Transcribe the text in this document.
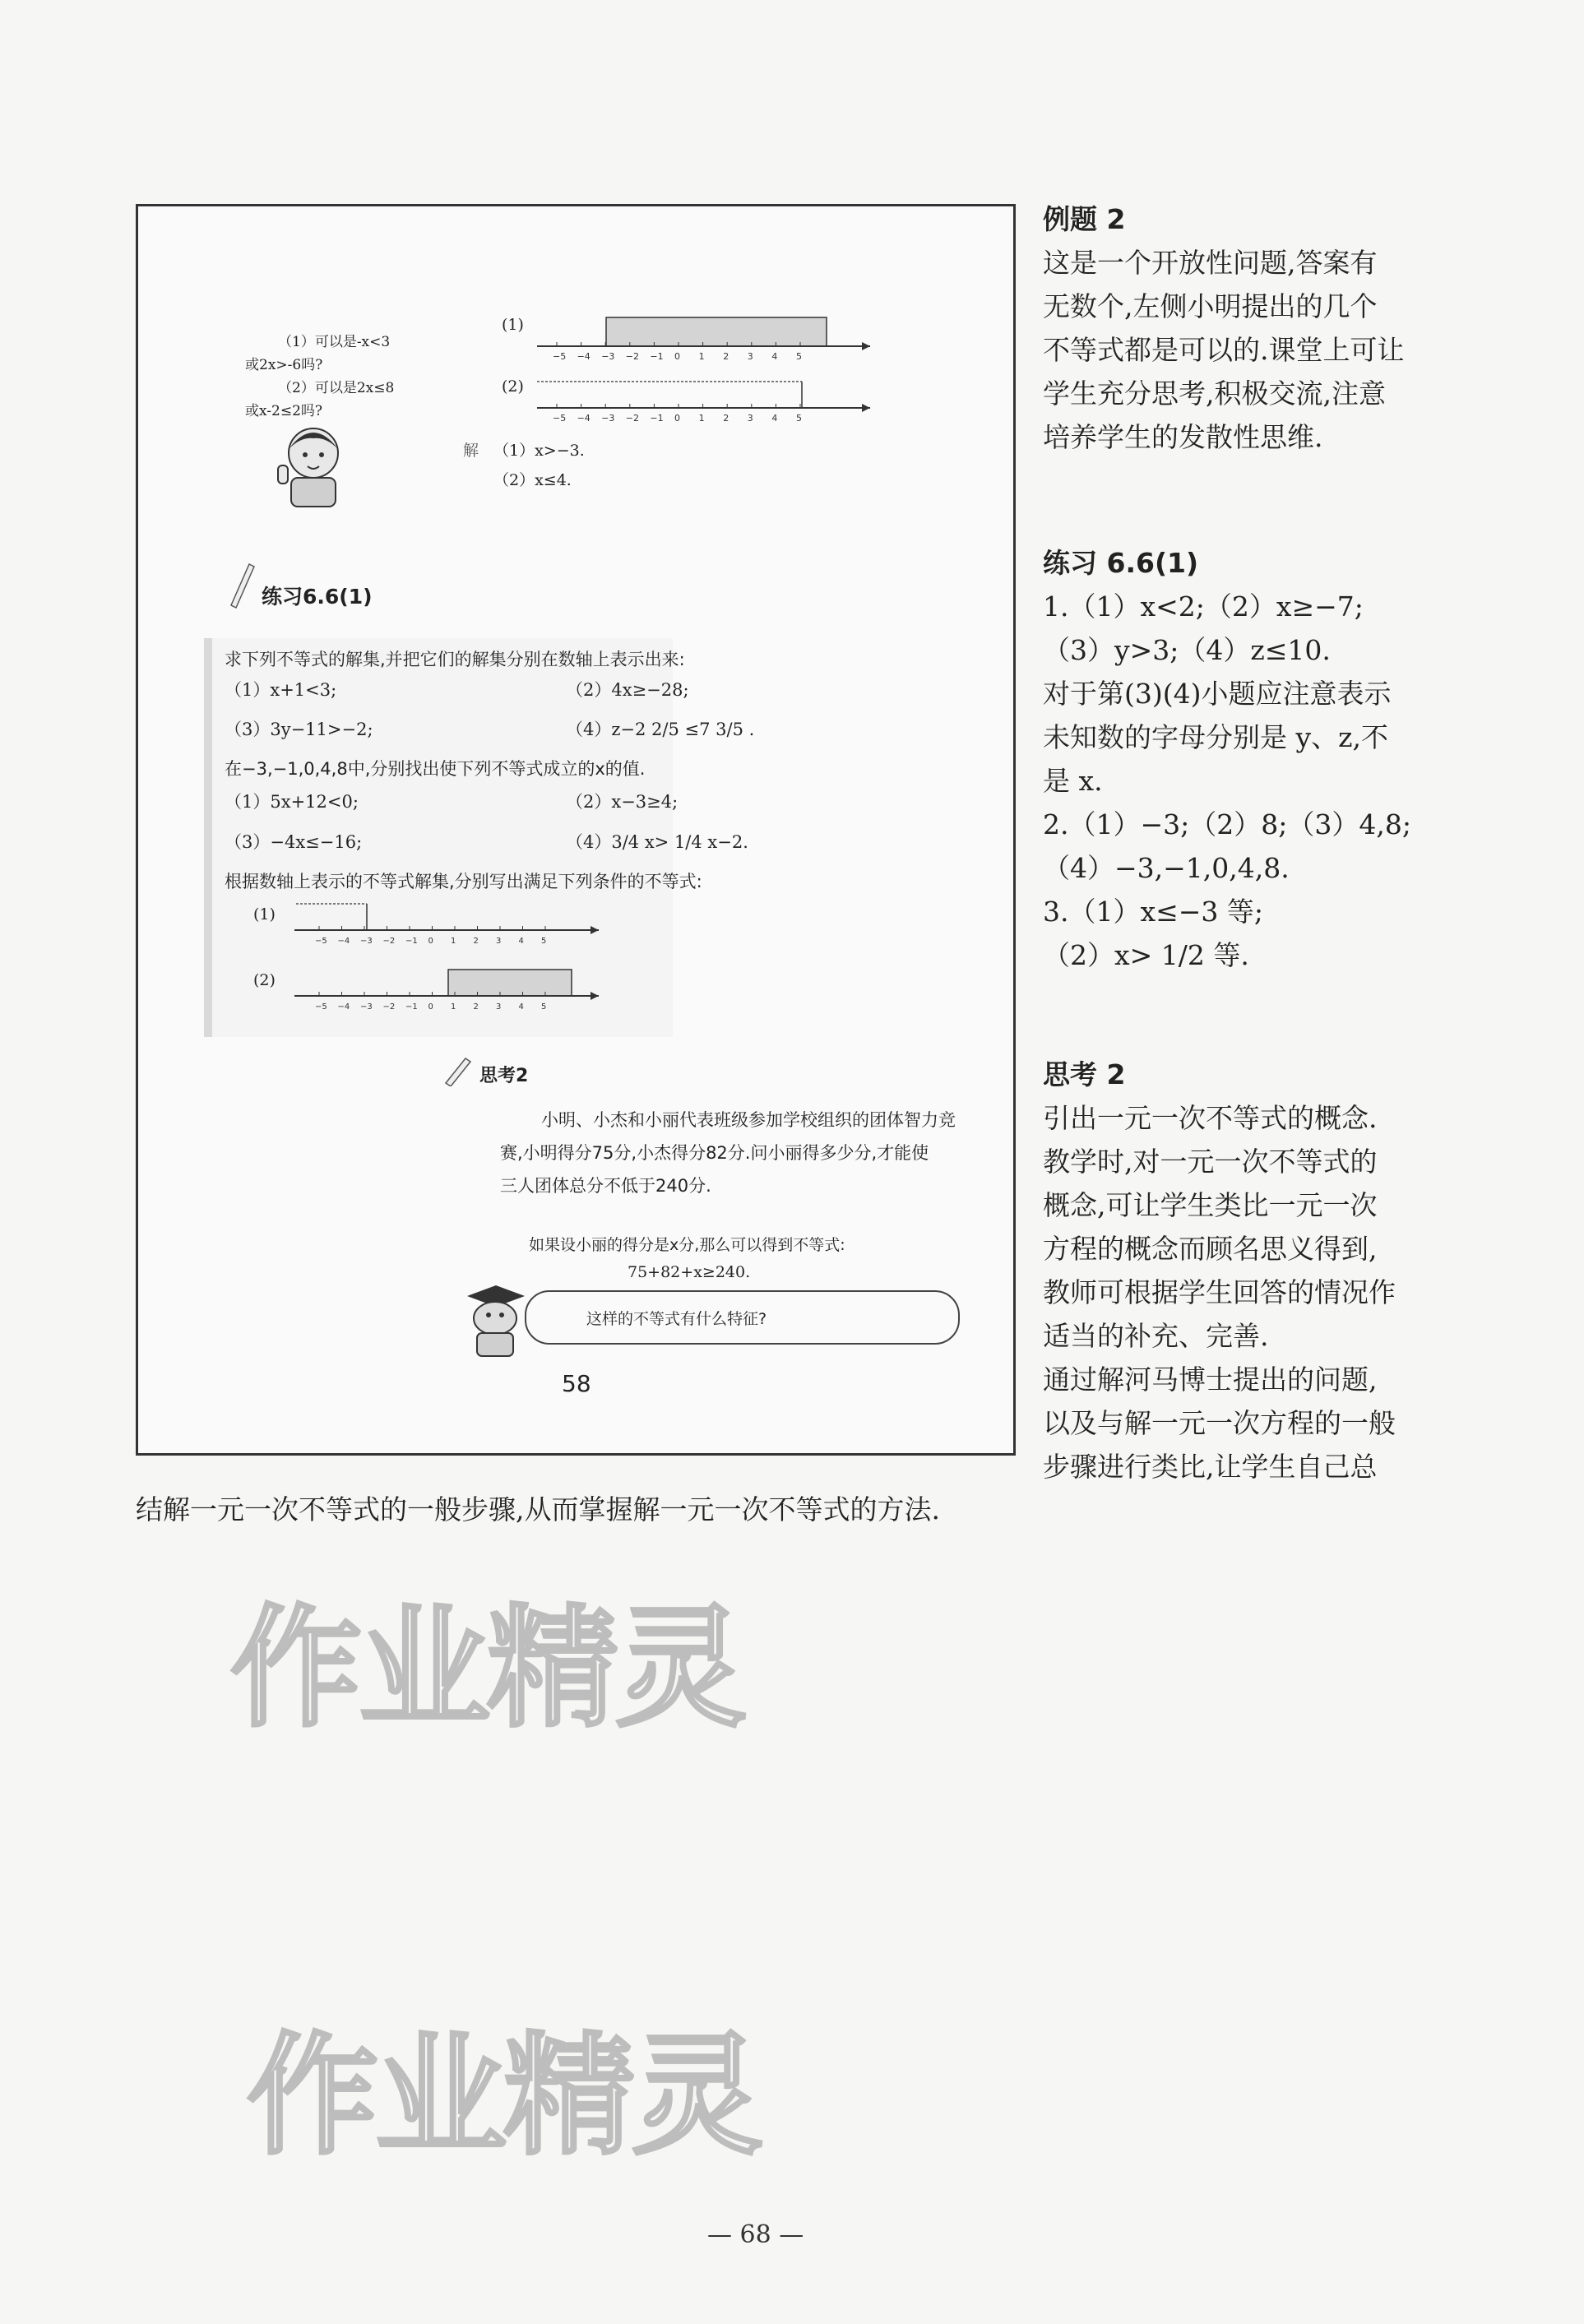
（1）可以是-x<3
或2x>-6吗?
（2）可以是2x≤8
或x-2≤2吗?
(1)
−5 −4 −3 −2 −1 0 1 2 3 4 5
(2)
−5 −4 −3 −2 −1 0 1 2 3 4 5
解 （1）x>−3.
（2）x≤4.
练习6.6(1)
求下列不等式的解集,并把它们的解集分别在数轴上表示出来:
（1）x+1<3;	（2）4x≥−28;
（3）3y−11>−2;	（4）z−2 2/5 ≤7 3/5 .
在−3,−1,0,4,8中,分别找出使下列不等式成立的x的值.
（1）5x+12<0;	（2）x−3≥4;
（3）−4x≤−16;	（4）3/4 x> 1/4 x−2.
根据数轴上表示的不等式解集,分别写出满足下列条件的不等式:
(1)
−5 −4 −3 −2 −1 0 1 2 3 4 5
(2)
−5 −4 −3 −2 −1 0 1 2 3 4 5
思考2
小明、小杰和小丽代表班级参加学校组织的团体智力竞
赛,小明得分75分,小杰得分82分.问小丽得多少分,才能使
三人团体总分不低于240分.
如果设小丽的得分是x分,那么可以得到不等式:
75+82+x≥240.
这样的不等式有什么特征?
58
例题 2
这是一个开放性问题,答案有
无数个,左侧小明提出的几个
不等式都是可以的.课堂上可让
学生充分思考,积极交流,注意
培养学生的发散性思维.
练习 6.6(1)
1.（1）x<2;（2）x≥−7;
（3）y>3;（4）z≤10.
对于第(3)(4)小题应注意表示
未知数的字母分别是 y、z,不
是 x.
2.（1）−3;（2）8;（3）4,8;
（4）−3,−1,0,4,8.
3.（1）x≤−3 等;
（2）x> 1/2 等.
思考 2
引出一元一次不等式的概念.
教学时,对一元一次不等式的
概念,可让学生类比一元一次
方程的概念而顾名思义得到,
教师可根据学生回答的情况作
适当的补充、完善.
通过解河马博士提出的问题,
以及与解一元一次方程的一般
步骤进行类比,让学生自己总
结解一元一次不等式的一般步骤,从而掌握解一元一次不等式的方法.
作业精灵
作业精灵
— 68 —
